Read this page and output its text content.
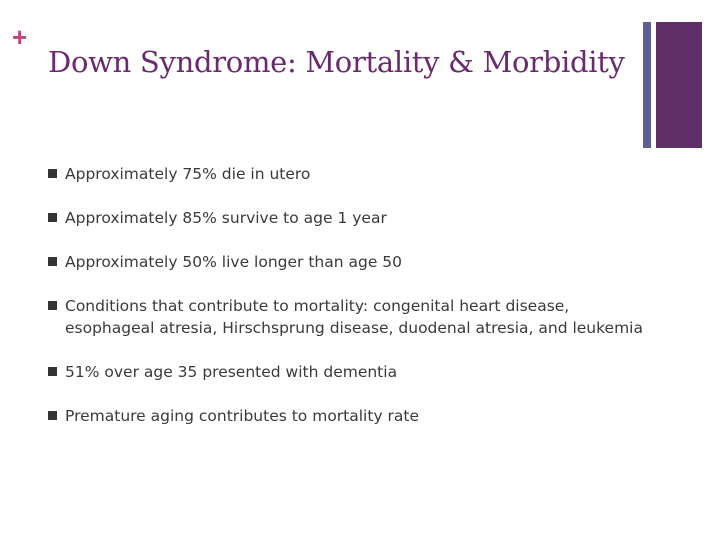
+
Down Syndrome: Mortality & Morbidity
Approximately 75% die in utero
Approximately 85% survive to age 1 year
Approximately 50% live longer than age 50
Conditions that contribute to mortality: congenital heart disease, esophageal atresia, Hirschsprung disease, duodenal atresia, and leukemia
51% over age 35 presented with dementia
Premature aging contributes to mortality rate
